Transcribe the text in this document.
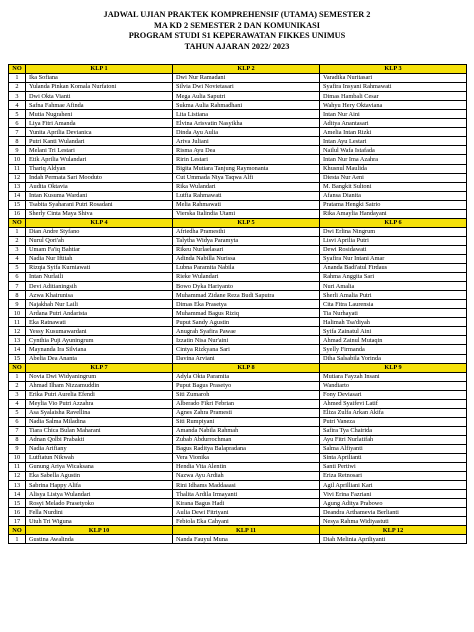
JADWAL UJIAN PRAKTEK KOMPREHENSIF (UTAMA) SEMESTER 2
MA KD 2 SEMESTER 2 DAN KOMUNIKASI
PROGRAM STUDI S1 KEPERAWATAN FIKKES UNIMUS
TAHUN AJARAN 2022/ 2023
NO	KLP 1	KLP 2	KLP 3
1	Ika Sofiana	Dwi Nur Ramadani	Varadika Nuritasari
2	Yulanda Pinkan Komala Nurfatoni	Silvia Dwi Novietasari	Syafira Insyani Rahmawati
3	Dwi Okta Vianti	Mega Aulia Saputri	Dimas Hambali Cesar
4	Safna Fahmae Afinda	Sukma Aulia Rahmadhani	Wahyu Hery Oktaviana
5	Mutia Nugraheni	Lita Listiana	Intan Nur Aini
6	Liya Fitri Amanda	Elvina Arisvatin Nasyikha	Aditya Anantasari
7	Yunita Aprilia Devianica	Dinda Ayu Aulia	Amelia Intan Rizki
8	Putri Kanti Wulandari	Ariva Juliani	Intan Ayu Lestari
9	Melani Tri Lestari	Risma Ayu Dea	Nailul Wafa Istafada
10	Etik Aprilia Wulandari	Ririn Lestari	Intan Nur Ima Azahra
11	Thariq Aldyan	Bigita Mutiara Tanjung Raymonanta	Khusnul Maulida
12	Indah Permata Sari Mooduto	Cut Ummada Niya Taqwa Alfi	Diesta Nur Aeni
13	Audita Oktavia	Rika Wulandari	M. Bangkit Sultoni
14	Intan Kusuma Wardani	Lutfia Rahmawati	Afansa Dianita
15	Tsabita Syaharani Putri Rosadani	Melia Rahmawati	Pratama Hengki Satrio
16	Sherly Cinta Maya Shiva	Vierska Italindia Utami	Rika Amaylia Handayani
NO	KLP 4	KLP 5	KLP 6
1	Dian Andre Styfano	Afriedha Pramesthi	Dwi Erlina Ningrum
2	Nurul Qori'ah	Talytha Widya Paramyta	Lisvi Aprilia Putri
3	Umam Fa'iq Bahtiar	Rikeu Nurlaelasari	Dewi Rosidawati
4	Nadia Nur Iftitah	Adinda Nabilla Nurissa	Syafira Nur Intani Amar
5	Rizqia Syifa Kurniawati	Lubna Paramita Nabila	Ananda Badi'atul Firdaus
6	Intan Nurlaili	Rieke Wulandari	Rahma Anggita Sari
7	Devi Aditianingsih	Bowo Dyka Hariyanto	Nuri Amalia
8	Azwa Khairunisa	Muhammad Zidane Reza Budi Saputra	Sherli Amalia Putri
9	Najakhah Nur Laili	Dimas Eka Prasetya	Cita Fitra Laurensia
10	Ardana Putri Andarista	Muhammad Bagus Riziq	Tia Nurhayati
11	Eka Ratnawati	Puput Sandy Agustin	Halimah Tsa'diyah
12	Yessy Kusumawardani	Anugrah Syafira Pawae	Syifa Zainatul Aini
13	Cynthia Puji Ayuningrum	Izzatin Nisa Nur'aini	Ahmad Zainul Mutaqin
14	Maynanda Ira Silviana	Cintya Rizkyana Sari	Syelly Firmanda
15	Abelia Dea Ananta	Davina Arviani	Diha Salsabila Yorinda
NO	KLP 7	KLP 8	KLP 9
1	Novia Dwi Widyaningrum	Adyla Okta Paramita	Mutiara Fayzah Insani
2	Ahmad Ilham Nizzamuddin	Puput Bagus Prasetyo	Wandiarto
3	Erika Putri Aurelia Efendi	Siti Zumaroh	Fony Deviasari
4	Meylia Vio Putri Azzahra	Alberado Fikri Febrian	Ahmed Syaifevi Latif
5	Asa Syalaisha Ravellina	Agnes Zahra Pramesti	Eliza Zulfa Arkan Akifa
6	Nadia Salma Miladina	Siti Rumpiyani	Putri Vaneza
7	Tiara Chica Bulan Maharani	Amanda Nabila Rahmah	Safira Tya Chairida
8	Adnan Qolbi Prabakti	Zubab Abdurrochman	Ayu Fitri Nurlatifah
9	Nadia Arifiany	Bagus Raditya Balapradana	Salma Alfiyanti
10	Lutfiatun Nikwah	Vera Vionika	Sinta Aprilianti
11	Gunung Ariya Wicaksana	Hendia Vita Alentin	Santi Pertiwi
12	Eka Sabella Agustin	Nazwa Ayu Ardiah	Eriza Retnosari
13	Sabrina Happy Alifa	Rini Idhams Maddaaasi	Agil Aprilliani Kari
14	Alisya Listya Wulandari	Thalita Ardila Irmayanti	Vivi Erina Fazriani
15	Rosyi Melado Prasetyoko	Kirana Bagus Hadi	Agung Aditya Prabowo
16	Fella Nurdini	Aulia Dewi Fitriyani	Deandra Arthamevia Berlianti
17	Utuh Tri Wiguna	Febiola Eka Cahyani	Nesya Rahma Widiyastuti
NO	KLP 10	KLP 11	KLP 12
1	Gustina Awalinda	Nanda Fauyul Muna	Diah Melinia Apriliyanti
